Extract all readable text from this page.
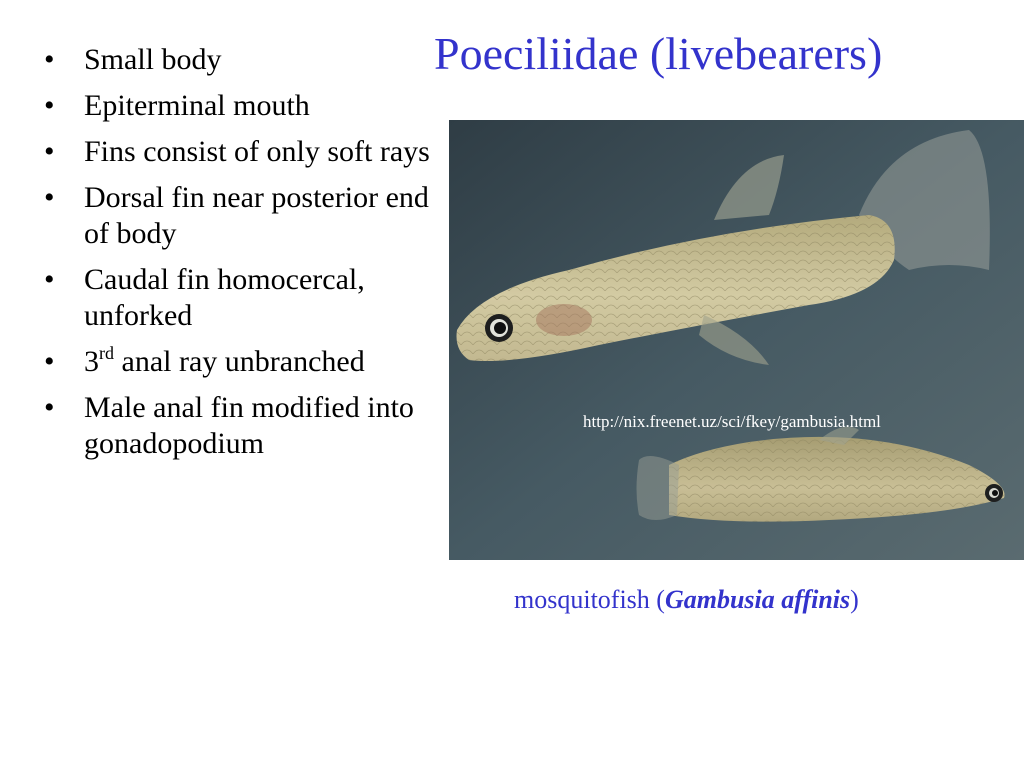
Poeciliidae (livebearers)
• Small body
• Epiterminal mouth
• Fins consist of only soft rays
• Dorsal fin near posterior end of body
• Caudal fin homocercal, unforked
• 3rd anal ray unbranched
• Male anal fin modified into gonadopodium
http://nix.freenet.uz/sci/fkey/gambusia.html
mosquitofish (Gambusia affinis)
